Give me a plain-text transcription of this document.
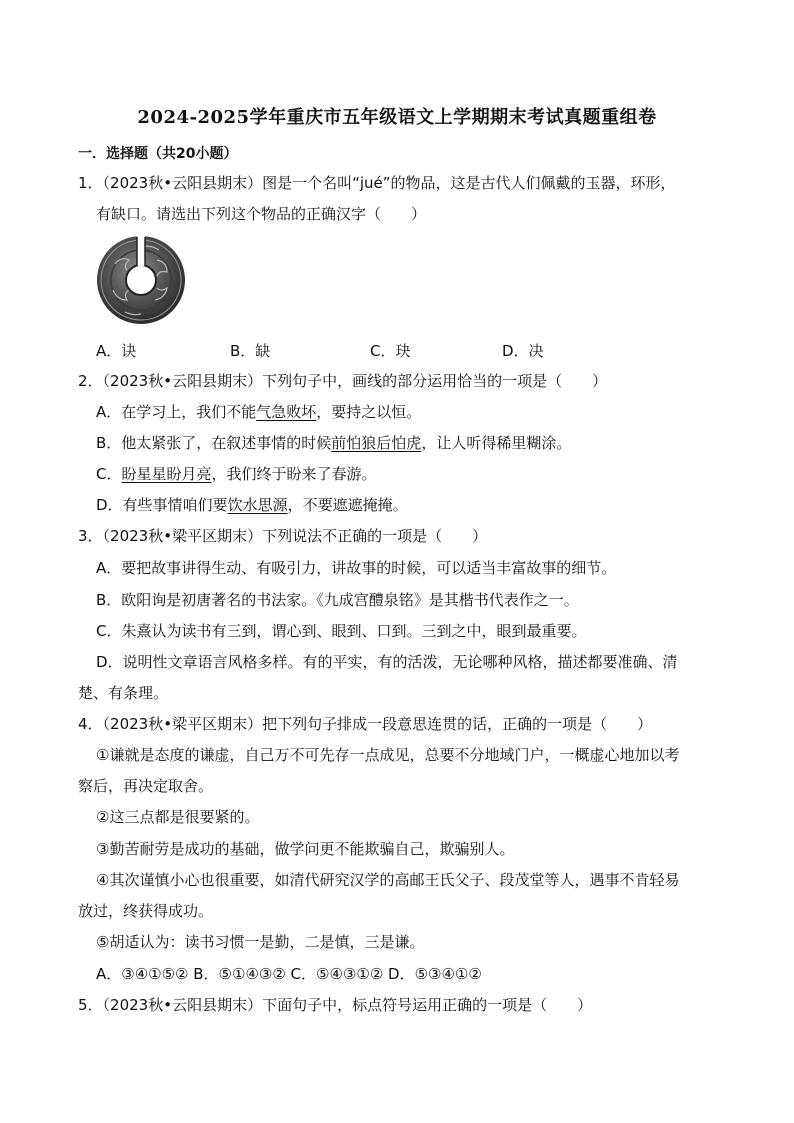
2024-2025学年重庆市五年级语文上学期期末考试真题重组卷
一．选择题（共20小题）
1．（2023秋•云阳县期末）图是一个名叫“jué”的物品，这是古代人们佩戴的玉器，环形，
有缺口。请选出下列这个物品的正确汉字（　　）
A．诀	B．缺	C．玦	D．决
2．（2023秋•云阳县期末）下列句子中，画线的部分运用恰当的一项是（　　）
A．在学习上，我们不能气急败坏，要持之以恒。
B．他太紧张了，在叙述事情的时候前怕狼后怕虎，让人听得稀里糊涂。
C．盼星星盼月亮，我们终于盼来了春游。
D．有些事情咱们要饮水思源，不要遮遮掩掩。
3．（2023秋•梁平区期末）下列说法不正确的一项是（　　）
A．要把故事讲得生动、有吸引力，讲故事的时候，可以适当丰富故事的细节。
B．欧阳询是初唐著名的书法家。《九成宫醴泉铭》是其楷书代表作之一。
C．朱熹认为读书有三到，谓心到、眼到、口到。三到之中，眼到最重要。
D．说明性文章语言风格多样。有的平实，有的活泼，无论哪种风格，描述都要准确、清
楚、有条理。
4．（2023秋•梁平区期末）把下列句子排成一段意思连贯的话，正确的一项是（　　）
①谦就是态度的谦虚，自己万不可先存一点成见，总要不分地域门户，一概虚心地加以考
察后，再决定取舍。
②这三点都是很要紧的。
③勤苦耐劳是成功的基础，做学问更不能欺骗自己，欺骗别人。
④其次谨慎小心也很重要，如清代研究汉学的高邮王氏父子、段茂堂等人，遇事不肯轻易
放过，终获得成功。
⑤胡适认为：读书习惯一是勤，二是慎，三是谦。
A．③④①⑤② B．⑤①④③② C．⑤④③①② D．⑤③④①②
5．（2023秋•云阳县期末）下面句子中，标点符号运用正确的一项是（　　）
